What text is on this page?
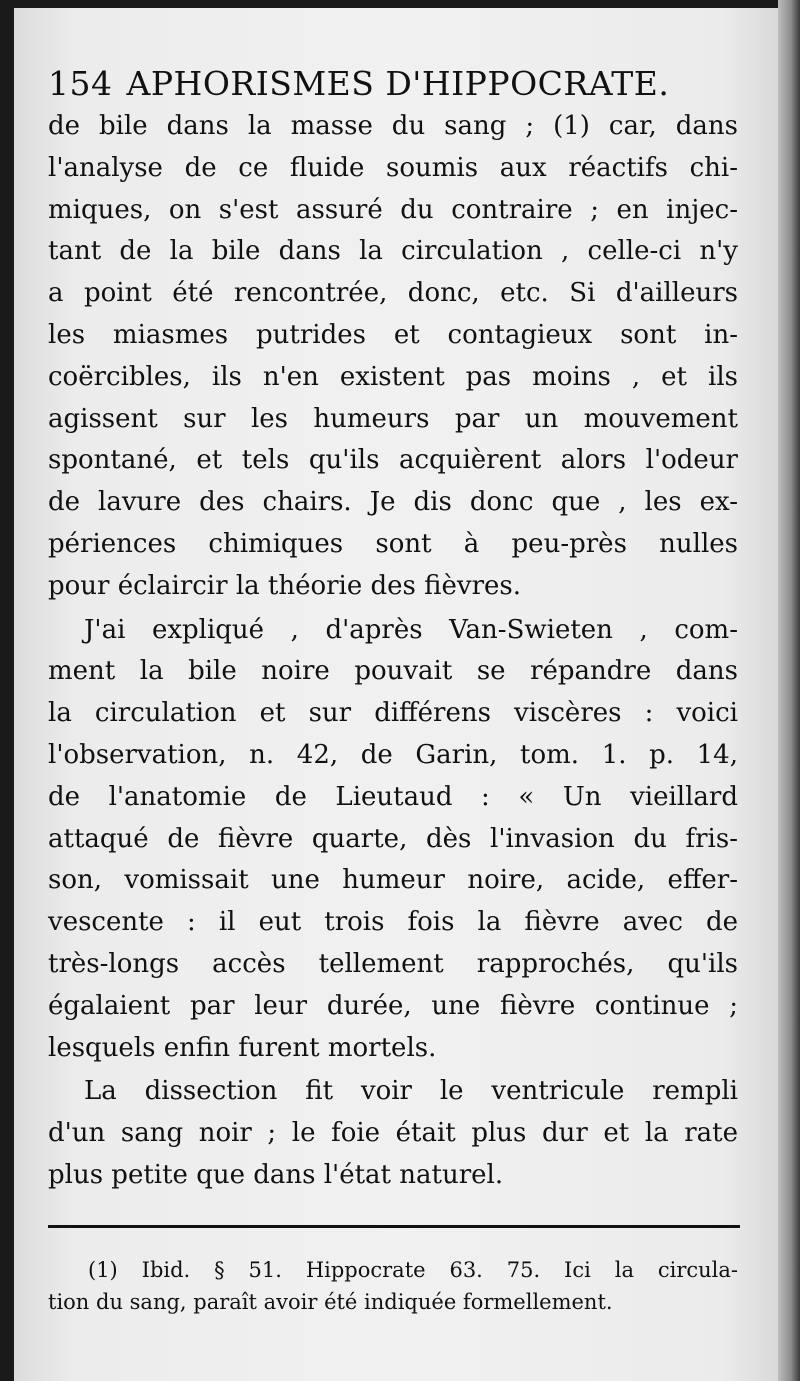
154 APHORISMES D'HIPPOCRATE.

de bile dans la masse du sang ; (1) car, dans
l'analyse de ce fluide soumis aux réactifs chi-
miques, on s'est assuré du contraire ; en injec-
tant de la bile dans la circulation , celle-ci n'y
a point été rencontrée, donc, etc. Si d'ailleurs
les miasmes putrides et contagieux sont in-
coërcibles, ils n'en existent pas moins , et ils
agissent sur les humeurs par un mouvement
spontané, et tels qu'ils acquièrent alors l'odeur
de lavure des chairs. Je dis donc que , les ex-
périences chimiques sont à peu-près nulles
pour éclaircir la théorie des fièvres.

J'ai expliqué , d'après Van-Swieten , com-
ment la bile noire pouvait se répandre dans
la circulation et sur différens viscères : voici
l'observation, n. 42, de Garin, tom. 1. p. 14,
de l'anatomie de Lieutaud : « Un vieillard
attaqué de fièvre quarte, dès l'invasion du fris-
son, vomissait une humeur noire, acide, effer-
vescente : il eut trois fois la fièvre avec de
très-longs accès tellement rapprochés, qu'ils
égalaient par leur durée, une fièvre continue ;
lesquels enfin furent mortels.

La dissection fit voir le ventricule rempli
d'un sang noir ; le foie était plus dur et la rate
plus petite que dans l'état naturel.

(1) Ibid. § 51. Hippocrate 63. 75. Ici la circula-
tion du sang, paraît avoir été indiquée formellement.
